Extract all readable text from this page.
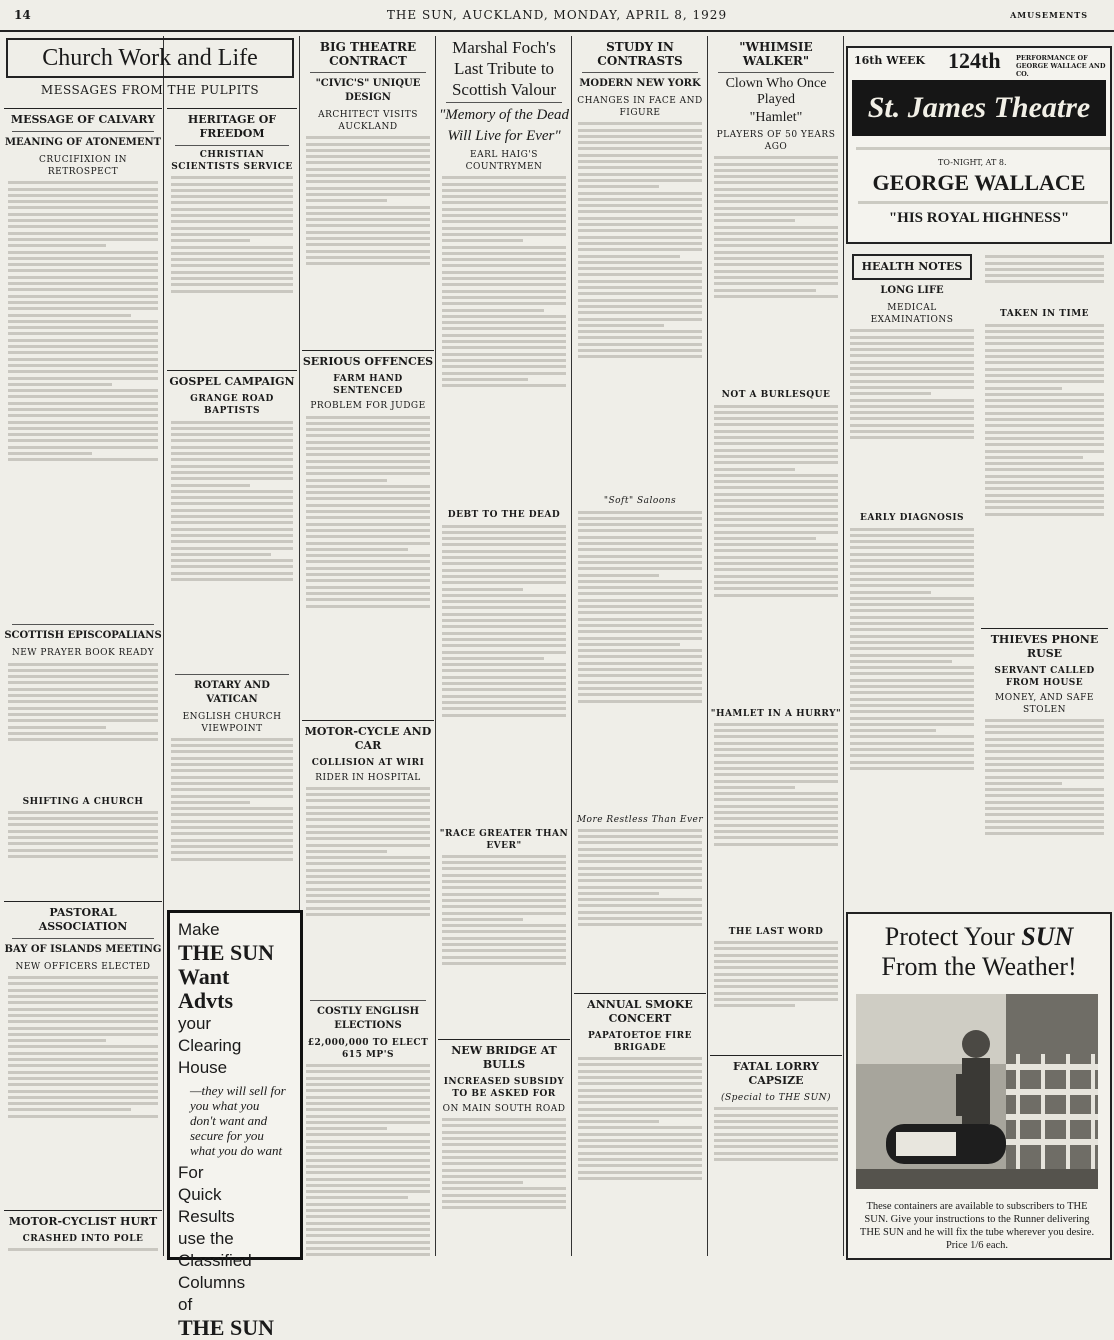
14	THE SUN, AUCKLAND, MONDAY, APRIL 8, 1929	AMUSEMENTS
Church Work and Life
MESSAGES FROM THE PULPITS
MESSAGE OF CALVARY
MEANING OF ATONEMENT
CRUCIFIXION IN RETROSPECT
SCOTTISH EPISCOPALIANS
NEW PRAYER BOOK READY
SHIFTING A CHURCH
PASTORAL ASSOCIATION
BAY OF ISLANDS MEETING
NEW OFFICERS ELECTED
MOTOR-CYCLIST HURT
CRASHED INTO POLE
HERITAGE OF FREEDOM
CHRISTIAN SCIENTISTS SERVICE
GOSPEL CAMPAIGN
GRANGE ROAD BAPTISTS
ROTARY AND VATICAN
ENGLISH CHURCH VIEWPOINT
Make
THE SUN
Want
Advts
your
Clearing
House
—they will sell for
you what you
don't want and
secure for you
what you do want
For
Quick
Results
use the
Classified
Columns
of
THE SUN
BIG THEATRE CONTRACT
"CIVIC'S" UNIQUE DESIGN
ARCHITECT VISITS AUCKLAND
SERIOUS OFFENCES
FARM HAND SENTENCED
PROBLEM FOR JUDGE
MOTOR-CYCLE AND CAR
COLLISION AT WIRI
RIDER IN HOSPITAL
COSTLY ENGLISH ELECTIONS
£2,000,000 TO ELECT 615 MP'S
Marshal Foch's
Last Tribute to
Scottish Valour
"Memory of the Dead
Will Live for Ever"
EARL HAIG'S COUNTRYMEN
DEBT TO THE DEAD
"RACE GREATER THAN EVER"
NEW BRIDGE AT BULLS
INCREASED SUBSIDY TO BE ASKED FOR
ON MAIN SOUTH ROAD
STUDY IN CONTRASTS
MODERN NEW YORK
CHANGES IN FACE AND FIGURE
"Soft" Saloons
More Restless Than Ever
ANNUAL SMOKE CONCERT
PAPATOETOE FIRE BRIGADE
"WHIMSIE WALKER"
Clown Who Once Played
"Hamlet"
PLAYERS OF 50 YEARS AGO
NOT A BURLESQUE
"HAMLET IN A HURRY"
THE LAST WORD
FATAL LORRY CAPSIZE
(Special to THE SUN)
16th WEEK 124th PERFORMANCE OF GEORGE WALLACE AND CO.
St. James Theatre
TO-NIGHT, AT 8.
GEORGE WALLACE
"HIS ROYAL HIGHNESS"
HEALTH NOTES
LONG LIFE
MEDICAL EXAMINATIONS
EARLY DIAGNOSIS
TAKEN IN TIME
THIEVES PHONE RUSE
SERVANT CALLED FROM HOUSE
MONEY, AND SAFE STOLEN
Protect Your SUN
From the Weather!
These containers are available to subscribers to THE SUN. Give your instructions to the Runner delivering THE SUN and he will fix the tube wherever you desire. Price 1/6 each.
